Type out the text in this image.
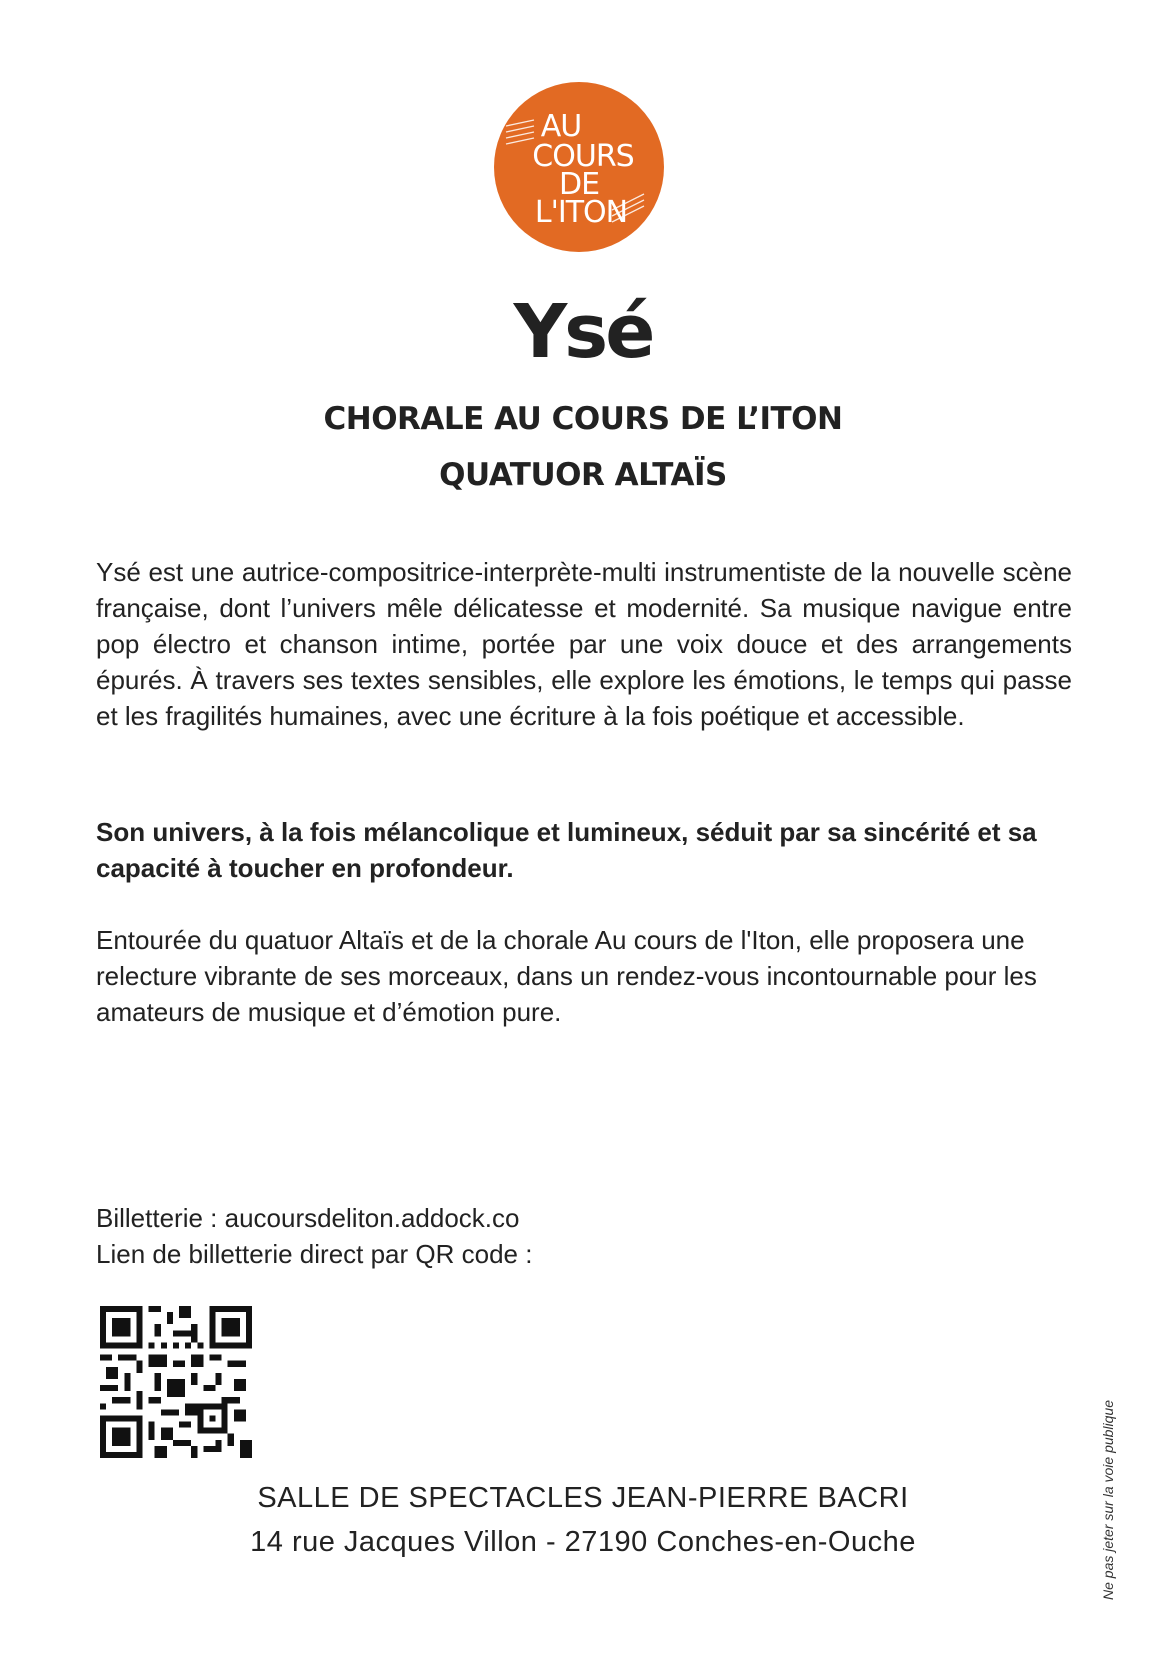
AU
COURS
DE
L'ITON
Ysé
CHORALE AU COURS DE L’ITON
QUATUOR ALTAÏS
Ysé est une autrice-compositrice-interprète-multi instrumentiste de la nouvelle scène française, dont l’univers mêle délicatesse et modernité. Sa musique navigue entre pop électro et chanson intime, portée par une voix douce et des arrangements épurés. À travers ses textes sensibles, elle explore les émotions, le temps qui passe et les fragilités humaines, avec une écriture à la fois poétique et accessible.
Son univers, à la fois mélancolique et lumineux, séduit par sa sincérité et sa capacité à toucher en profondeur.
Entourée du quatuor Altaïs et de la chorale Au cours de l'Iton, elle proposera une relecture vibrante de ses morceaux, dans un rendez-vous incontournable pour les amateurs de musique et d’émotion pure.
Billetterie : aucoursdeliton.addock.co
Lien de billetterie direct par QR code :
SALLE DE SPECTACLES JEAN-PIERRE BACRI
14 rue Jacques Villon - 27190 Conches-en-Ouche	Ne pas jeter sur la voie publique
